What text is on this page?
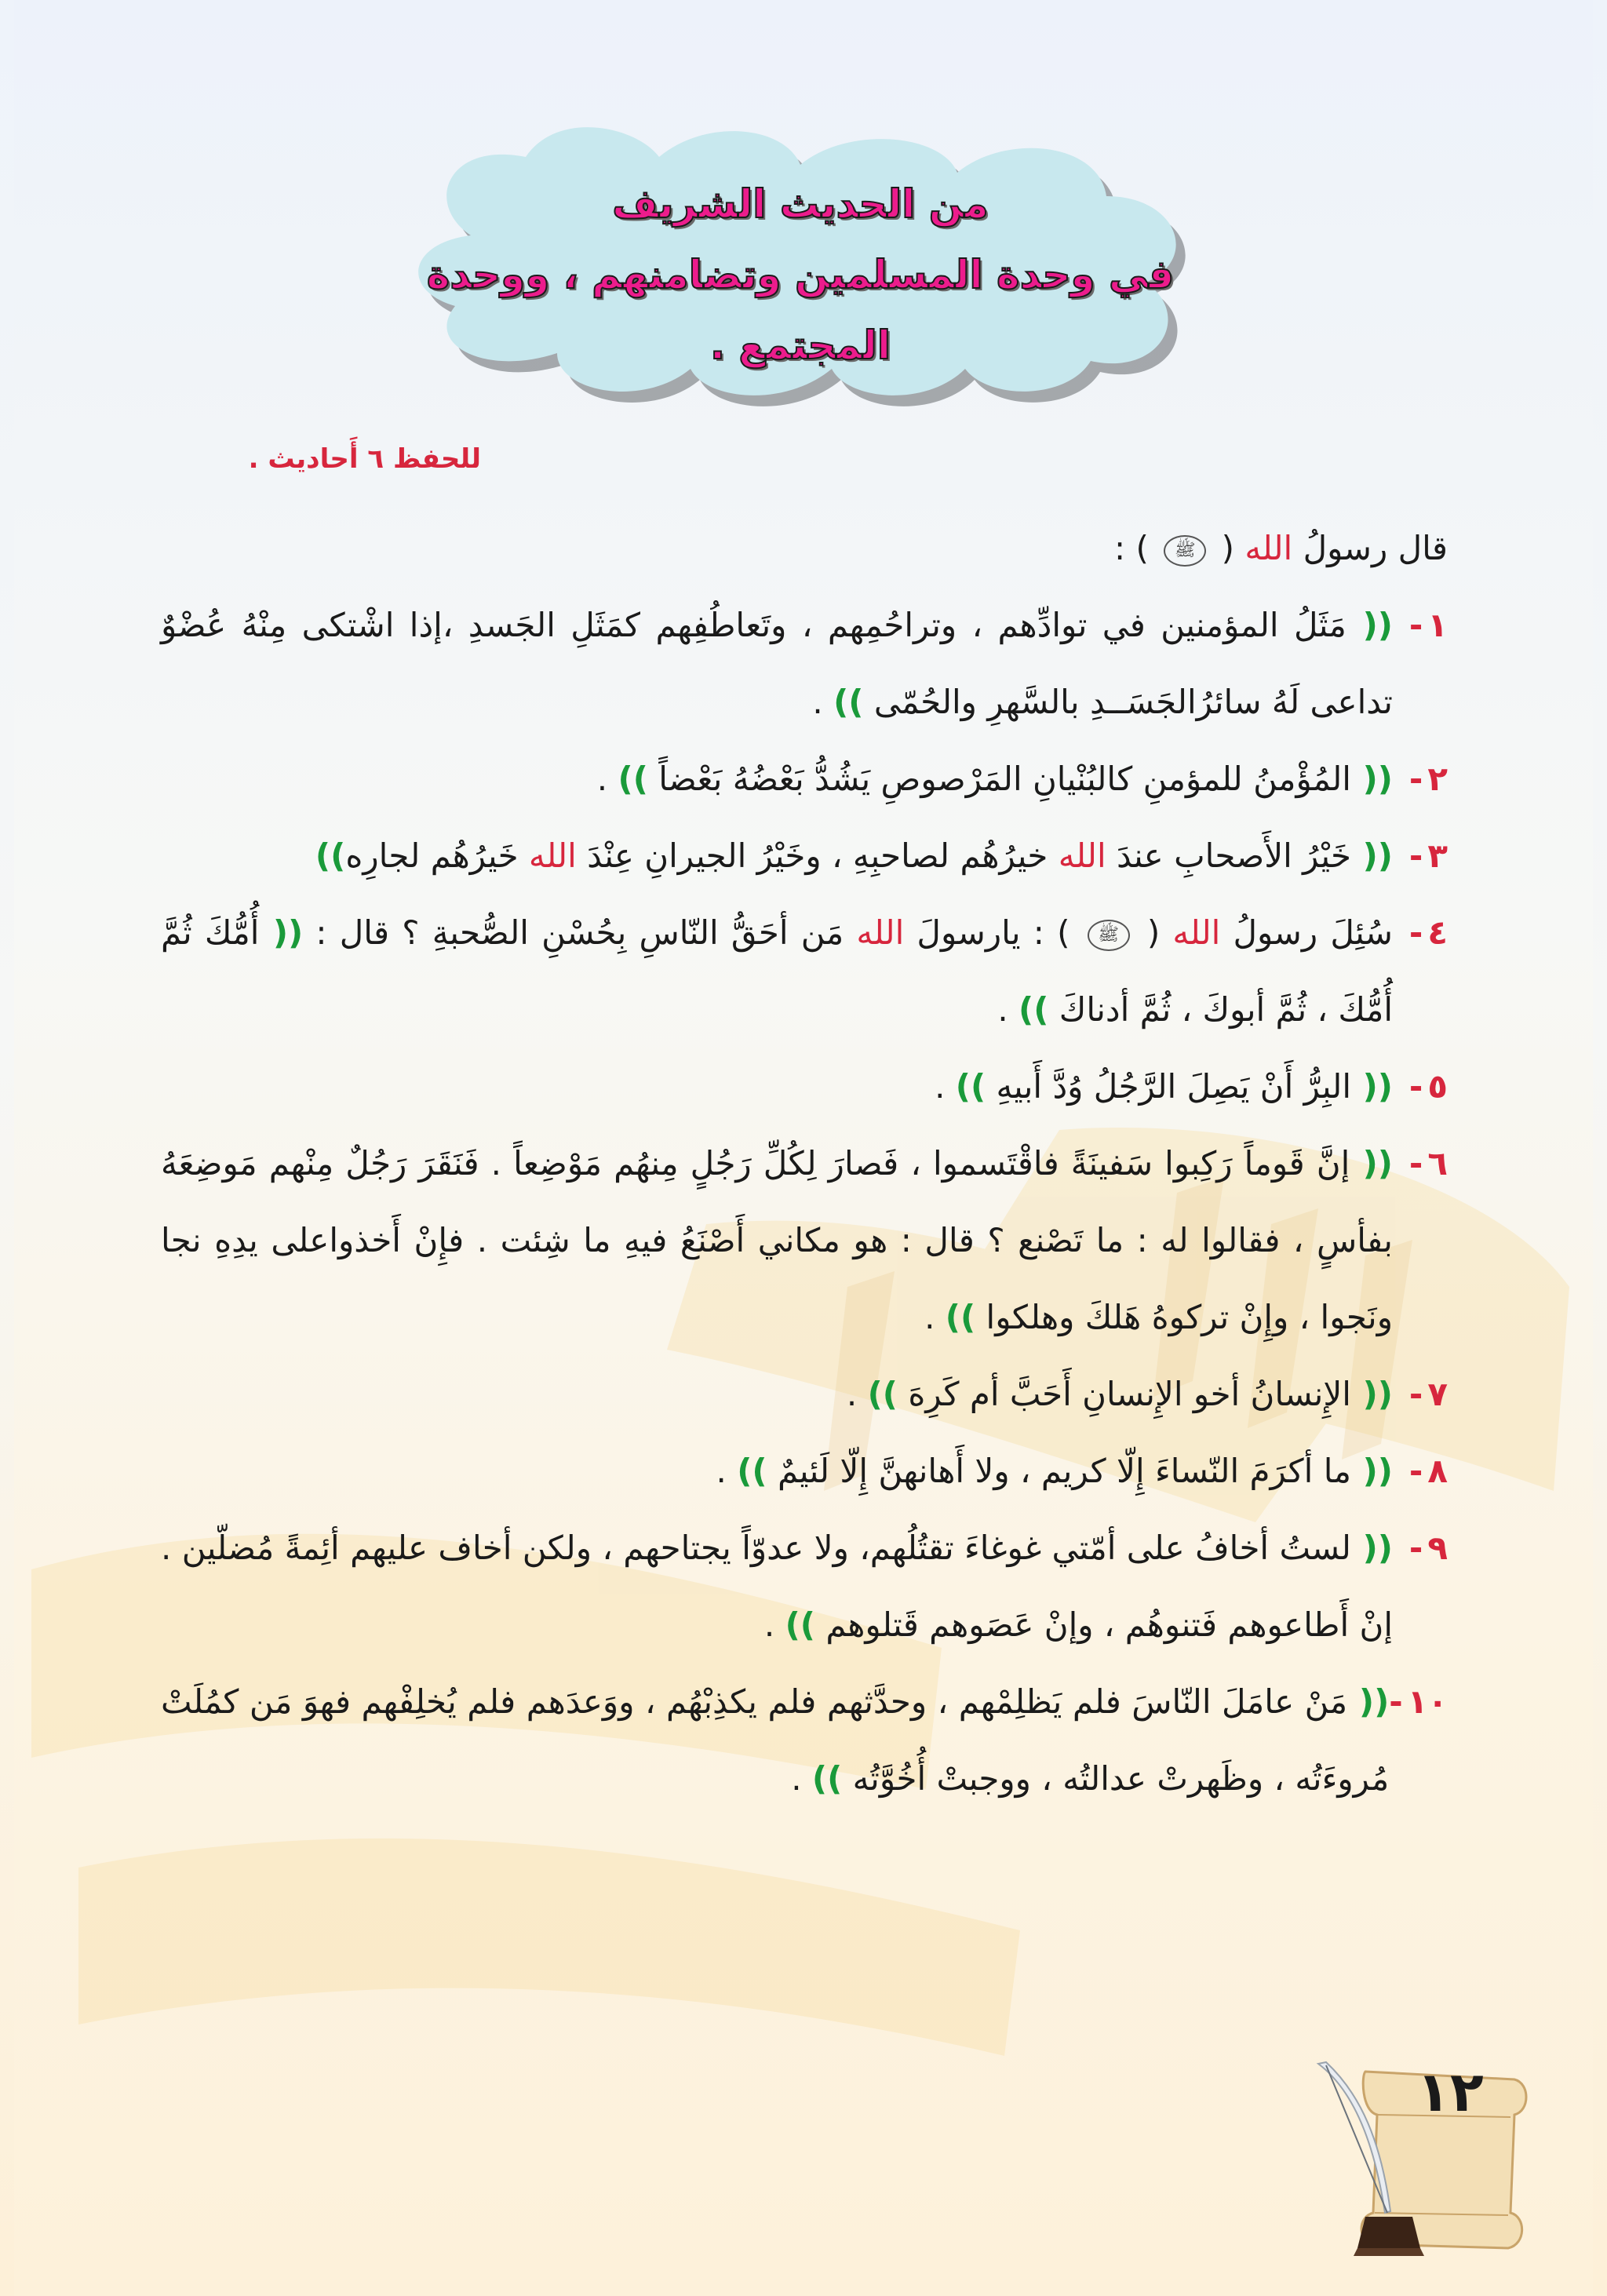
من الحديث الشريف
في وحدة المسلمين وتضامنهم ، ووحدة المجتمع .
للحفظ ٦ أَحاديث .
قال رسولُ الله ( ﷺ ) :
١-
(( مَثَلُ المؤمنين في توادِّهم ، وتراحُمِهم ، وتَعاطُفِهم كمَثَلِ الجَسدِ ،إذا اشْتكى مِنْهُ عُضْوٌ تداعى لَهُ سائرُالجَسَــدِ بالسَّهرِ والحُمّى )) .
٢-
(( المُؤْمنُ للمؤمنِ كالبُنْيانِ المَرْصوصِ يَشُدُّ بَعْضُهُ بَعْضاً )) .
٣-
(( خَيْرُ الأَصحابِ عندَ الله خيرُهُم لصاحبِهِ ، وخَيْرُ الجيرانِ عِنْدَ الله خَيرُهُم لجارِه))
٤-
سُئِلَ رسولُ الله ( ﷺ ) : يارسولَ الله مَن أحَقُّ النّاسِ بِحُسْنِ الصُّحبةِ ؟ قال : (( أُمُّكَ ثُمَّ أُمُّكَ ، ثُمَّ أبوكَ ، ثُمَّ أدناكَ )) .
٥-
(( البِرُّ أَنْ يَصِلَ الرَّجُلُ وُدَّ أَبيهِ )) .
٦-
(( إنَّ قَوماً رَكِبوا سَفينَةً فاقْتَسموا ، فَصارَ لِكُلِّ رَجُلٍ مِنهُم مَوْضِعاً . فَنَقَرَ رَجُلٌ مِنْهم مَوضِعَهُ بفأسٍ ، فقالوا له : ما تَصْنع ؟ قال : هو مكاني أَصْنَعُ فيهِ ما شِئت . فإِنْ أَخذواعلى يدِهِ نجا ونَجوا ، وإِنْ تركوهُ هَلكَ وهلكوا )) .
٧-
(( الإِنسانُ أخو الإِنسانِ أَحَبَّ أم كَرِهَ )) .
٨-
(( ما أكرَمَ النّساءَ إِلّا كريم ، ولا أَهانهنَّ إِلّا لَئيمٌ )) .
٩-
(( لستُ أخافُ على أمّتي غوغاءَ تقتُلُهم، ولا عدوّاً يجتاحهم ، ولكن أخاف عليهم أئِمةً مُضلّين . إنْ أَطاعوهم فَتنوهُم ، وإنْ عَصَوهم قَتلوهم )) .
١٠-
(( مَنْ عامَلَ النّاسَ فلم يَظلِمْهم ، وحدَّثهم فلم يكذِبْهُم ، ووَعدَهم فلم يُخلِفْهم فهوَ مَن كمُلَتْ مُروءَتُه ، وظَهرتْ عدالتُه ، ووجبتْ أُخُوَّتُه )) .
١٢
